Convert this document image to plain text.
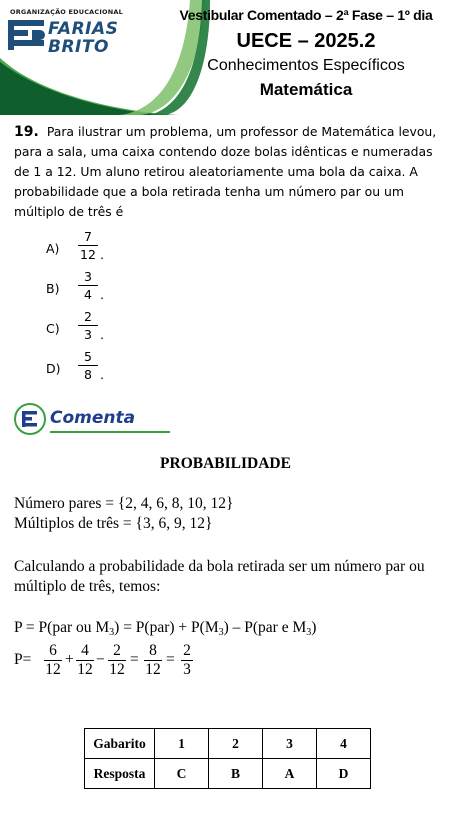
ORGANIZAÇÃO EDUCACIONAL
FARIAS
BRITO
Vestibular Comentado – 2ª Fase – 1º dia
UECE – 2025.2
Conhecimentos Específicos
Matemática
19. Para ilustrar um problema, um professor de Matemática levou, para a sala, uma caixa contendo doze bolas idênticas e numeradas de 1 a 12. Um aluno retirou aleatoriamente uma bola da caixa. A probabilidade que a bola retirada tenha um número par ou um múltiplo de três é
A)
7
12 .
B)
3
4 .
C)
2
3 .
D)
5
8 .
Comenta
PROBABILIDADE
Número pares = {2, 4, 6, 8, 10, 12}
Múltiplos de três = {3, 6, 9, 12}
Calculando a probabilidade da bola retirada ser um número par ou múltiplo de três, temos:
P = P(par ou $M_3) = P(par) + P(M_3) - P(par$ e $M_3$)
P=
6
12
+
4
12
−
2
12
=
8
12
=
2
3
Gabarito	1	2	3	4
Resposta	C	B	A	D
